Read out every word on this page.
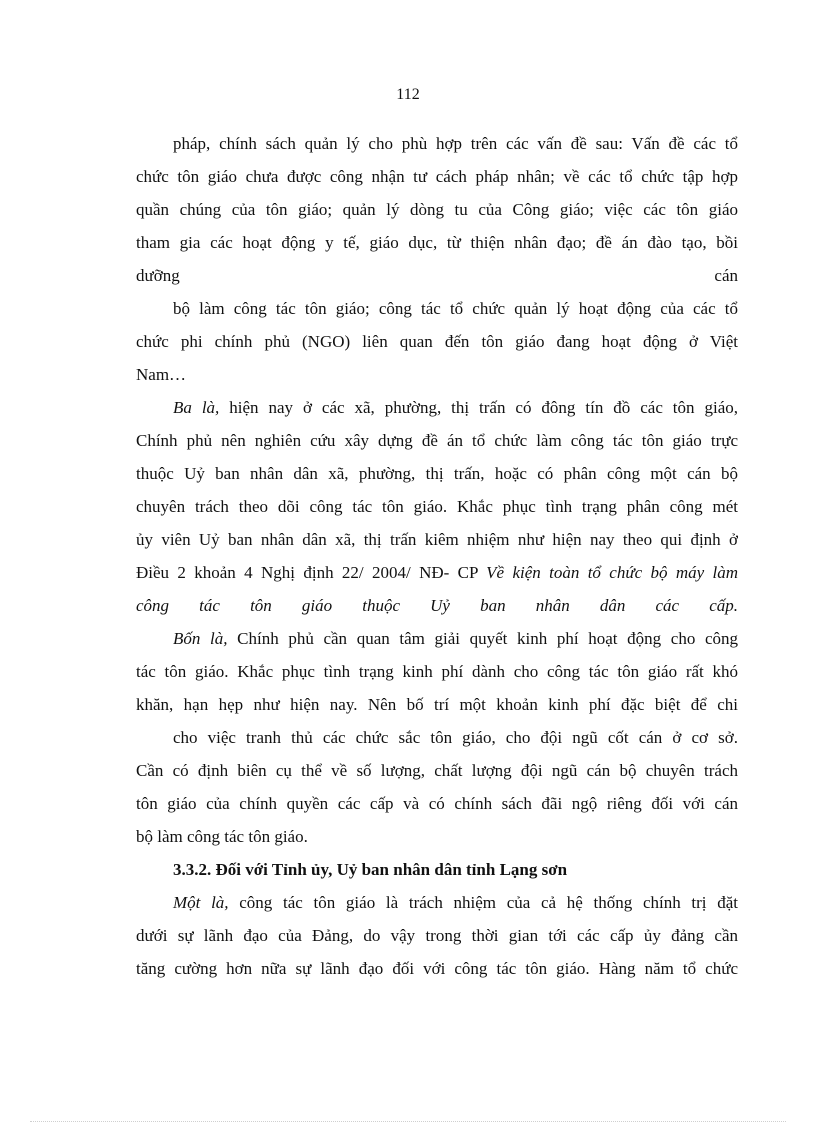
112
pháp, chính sách quản lý cho phù hợp trên các vấn đề sau: Vấn đề các tổ
chức tôn giáo chưa được công nhận tư cách pháp nhân; về các tổ chức tập hợp
quần chúng của tôn giáo; quản lý dòng tu của Công giáo; việc các tôn giáo
tham gia các hoạt động y tế, giáo dục, từ thiện nhân đạo; đề án đào tạo, bồi
dưỡng cán
bộ làm công tác tôn giáo; công tác tổ chức quản lý hoạt động của các tổ
chức phi chính phủ (NGO) liên quan đến tôn giáo đang hoạt động ở Việt
Nam…
Ba là, hiện nay ở các xã, phường, thị trấn có đông tín đồ các tôn giáo,
Chính phủ nên nghiên cứu xây dựng đề án tổ chức làm công tác tôn giáo trực
thuộc Uỷ ban nhân dân xã, phường, thị trấn, hoặc có phân công một cán bộ
chuyên trách theo dõi công tác tôn giáo. Khắc phục tình trạng phân công mét
ủy viên Uỷ ban nhân dân xã, thị trấn kiêm nhiệm như hiện nay theo qui định ở
Điều 2 khoản 4 Nghị định 22/ 2004/ NĐ- CP Về kiện toàn tổ chức bộ máy làm
công tác tôn giáo thuộc Uỷ ban nhân dân các cấp.
Bốn là, Chính phủ cần quan tâm giải quyết kinh phí hoạt động cho công
tác tôn giáo. Khắc phục tình trạng kinh phí dành cho công tác tôn giáo rất khó
khăn, hạn hẹp như hiện nay. Nên bố trí một khoản kinh phí đặc biệt để chi
cho việc tranh thủ các chức sắc tôn giáo, cho đội ngũ cốt cán ở cơ sở.
Cần có định biên cụ thể về số lượng, chất lượng đội ngũ cán bộ chuyên trách
tôn giáo của chính quyền các cấp và có chính sách đãi ngộ riêng đối với cán
bộ làm công tác tôn giáo.
3.3.2. Đối với Tỉnh ủy, Uỷ ban nhân dân tỉnh Lạng sơn
Một là, công tác tôn giáo là trách nhiệm của cả hệ thống chính trị đặt
dưới sự lãnh đạo của Đảng, do vậy trong thời gian tới các cấp ủy đảng cần
tăng cường hơn nữa sự lãnh đạo đối với công tác tôn giáo. Hàng năm tổ chức
